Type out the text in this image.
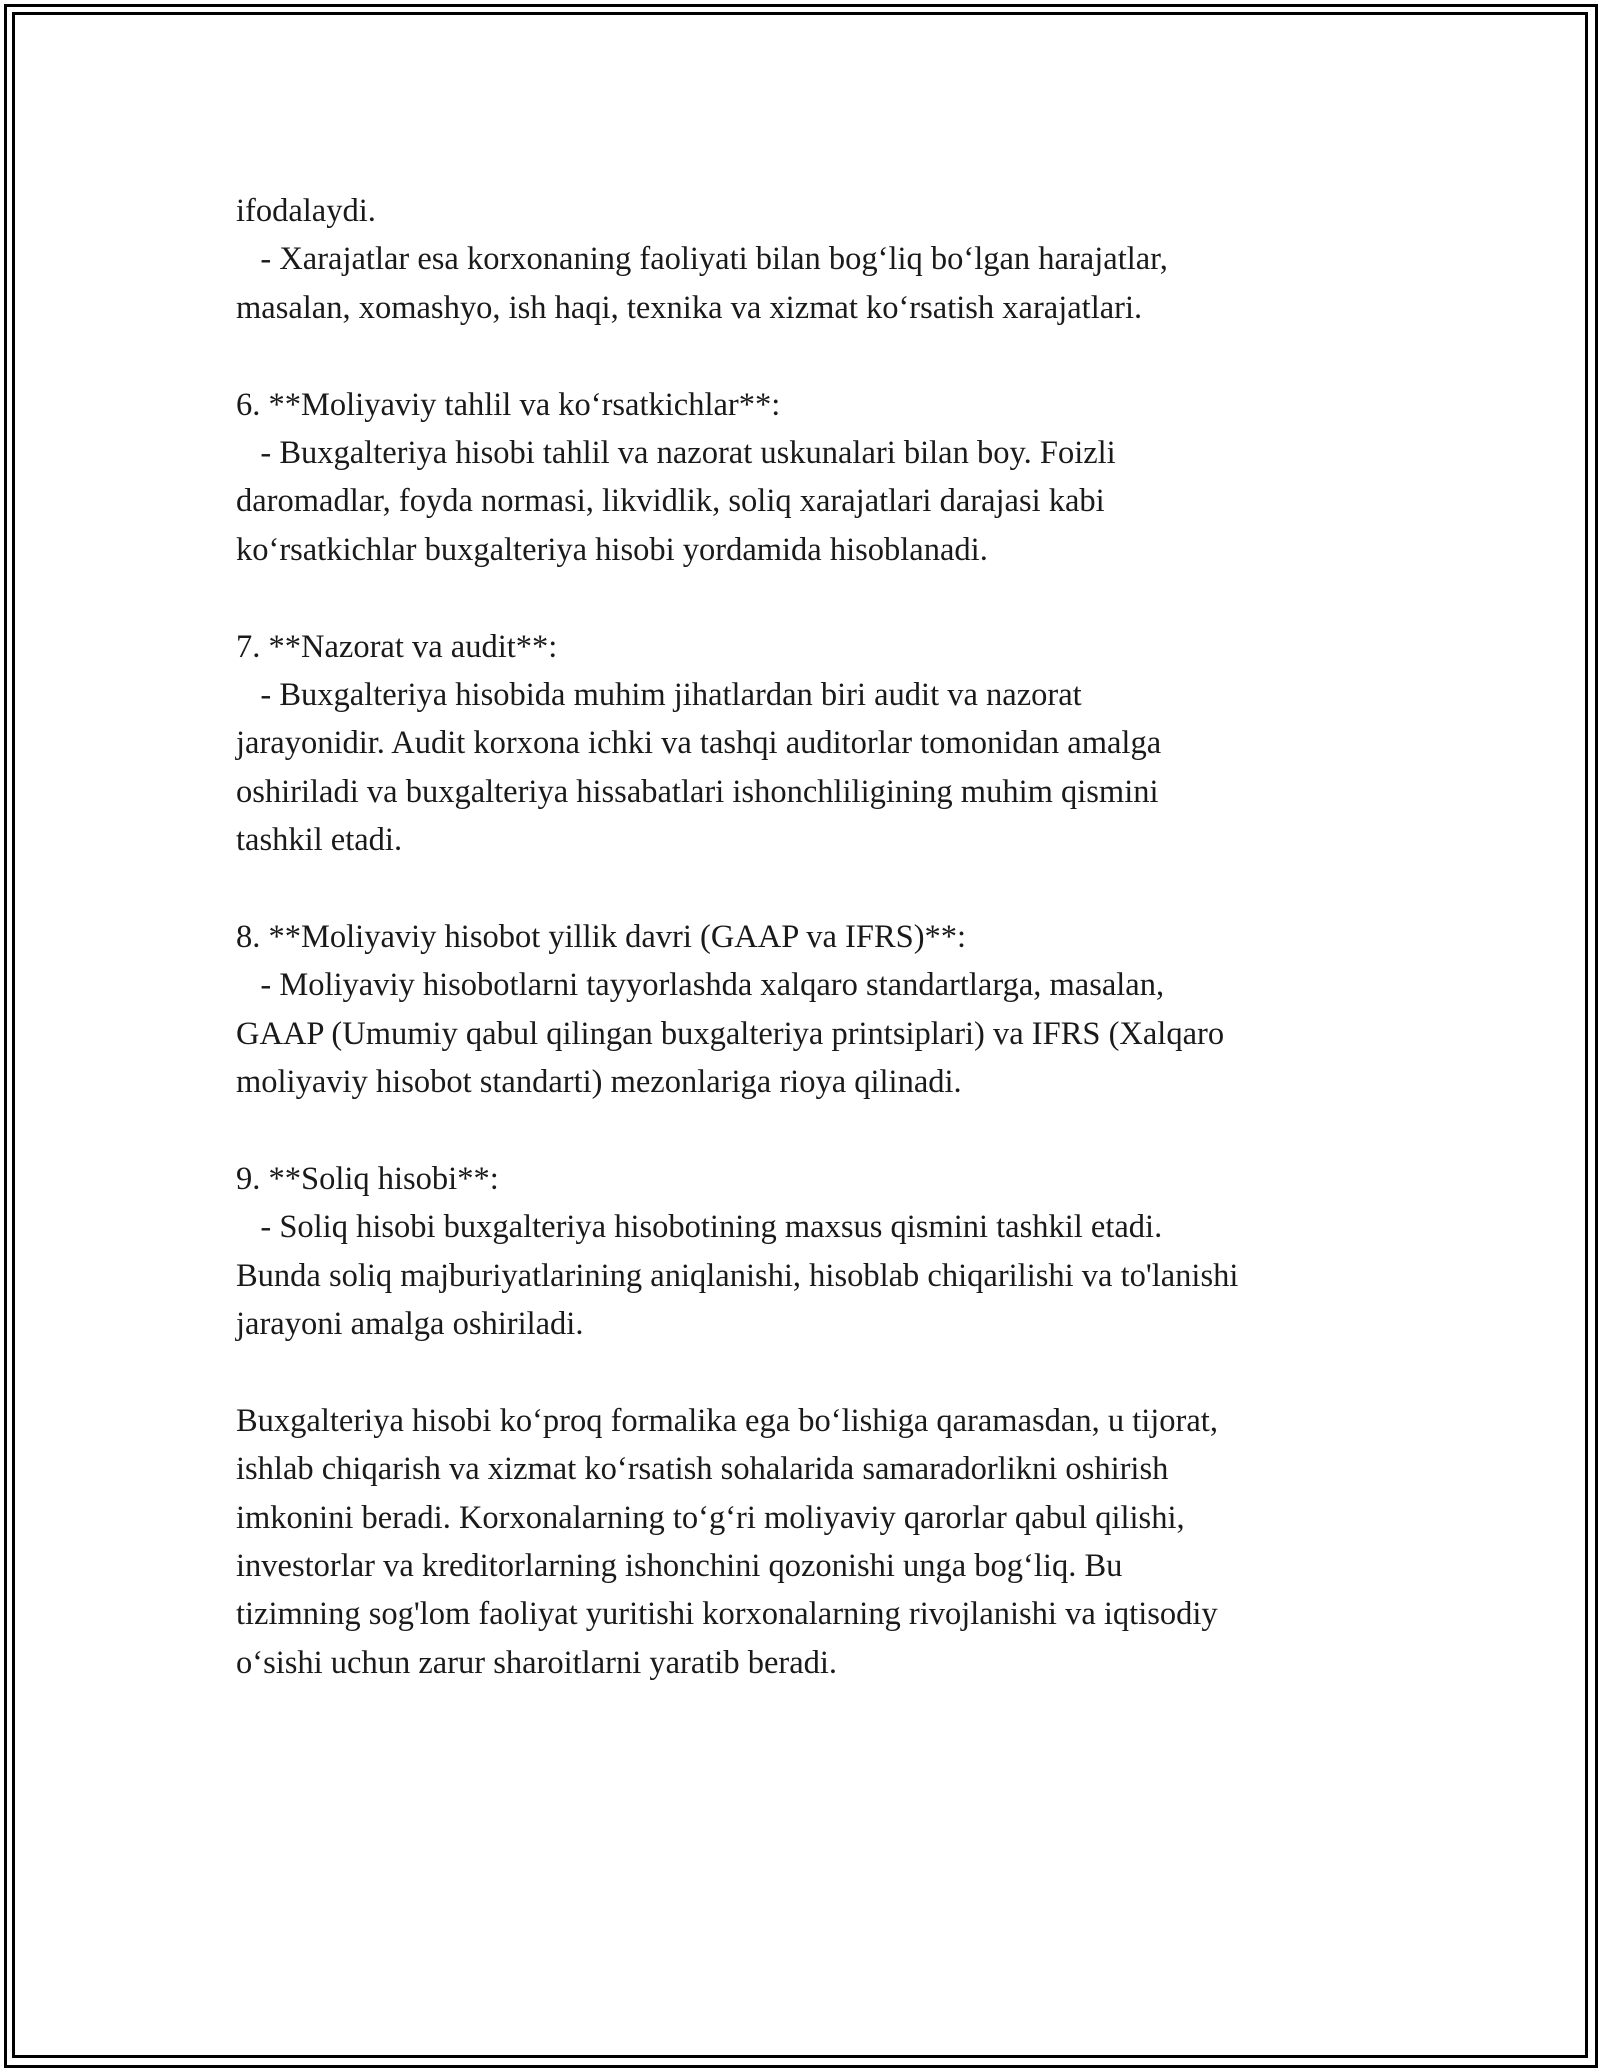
ifodalaydi.
- Xarajatlar esa korxonaning faoliyati bilan bog‘liq bo‘lgan harajatlar,
masalan, xomashyo, ish haqi, texnika va xizmat ko‘rsatish xarajatlari.
6. **Moliyaviy tahlil va ko‘rsatkichlar**:
- Buxgalteriya hisobi tahlil va nazorat uskunalari bilan boy. Foizli
daromadlar, foyda normasi, likvidlik, soliq xarajatlari darajasi kabi
ko‘rsatkichlar buxgalteriya hisobi yordamida hisoblanadi.
7. **Nazorat va audit**:
- Buxgalteriya hisobida muhim jihatlardan biri audit va nazorat
jarayonidir. Audit korxona ichki va tashqi auditorlar tomonidan amalga
oshiriladi va buxgalteriya hissabatlari ishonchliligining muhim qismini
tashkil etadi.
8. **Moliyaviy hisobot yillik davri (GAAP va IFRS)**:
- Moliyaviy hisobotlarni tayyorlashda xalqaro standartlarga, masalan,
GAAP (Umumiy qabul qilingan buxgalteriya printsiplari) va IFRS (Xalqaro
moliyaviy hisobot standarti) mezonlariga rioya qilinadi.
9. **Soliq hisobi**:
- Soliq hisobi buxgalteriya hisobotining maxsus qismini tashkil etadi.
Bunda soliq majburiyatlarining aniqlanishi, hisoblab chiqarilishi va to'lanishi
jarayoni amalga oshiriladi.
Buxgalteriya hisobi ko‘proq formalika ega bo‘lishiga qaramasdan, u tijorat,
ishlab chiqarish va xizmat ko‘rsatish sohalarida samaradorlikni oshirish
imkonini beradi. Korxonalarning to‘g‘ri moliyaviy qarorlar qabul qilishi,
investorlar va kreditorlarning ishonchini qozonishi unga bog‘liq. Bu
tizimning sog'lom faoliyat yuritishi korxonalarning rivojlanishi va iqtisodiy
o‘sishi uchun zarur sharoitlarni yaratib beradi.
